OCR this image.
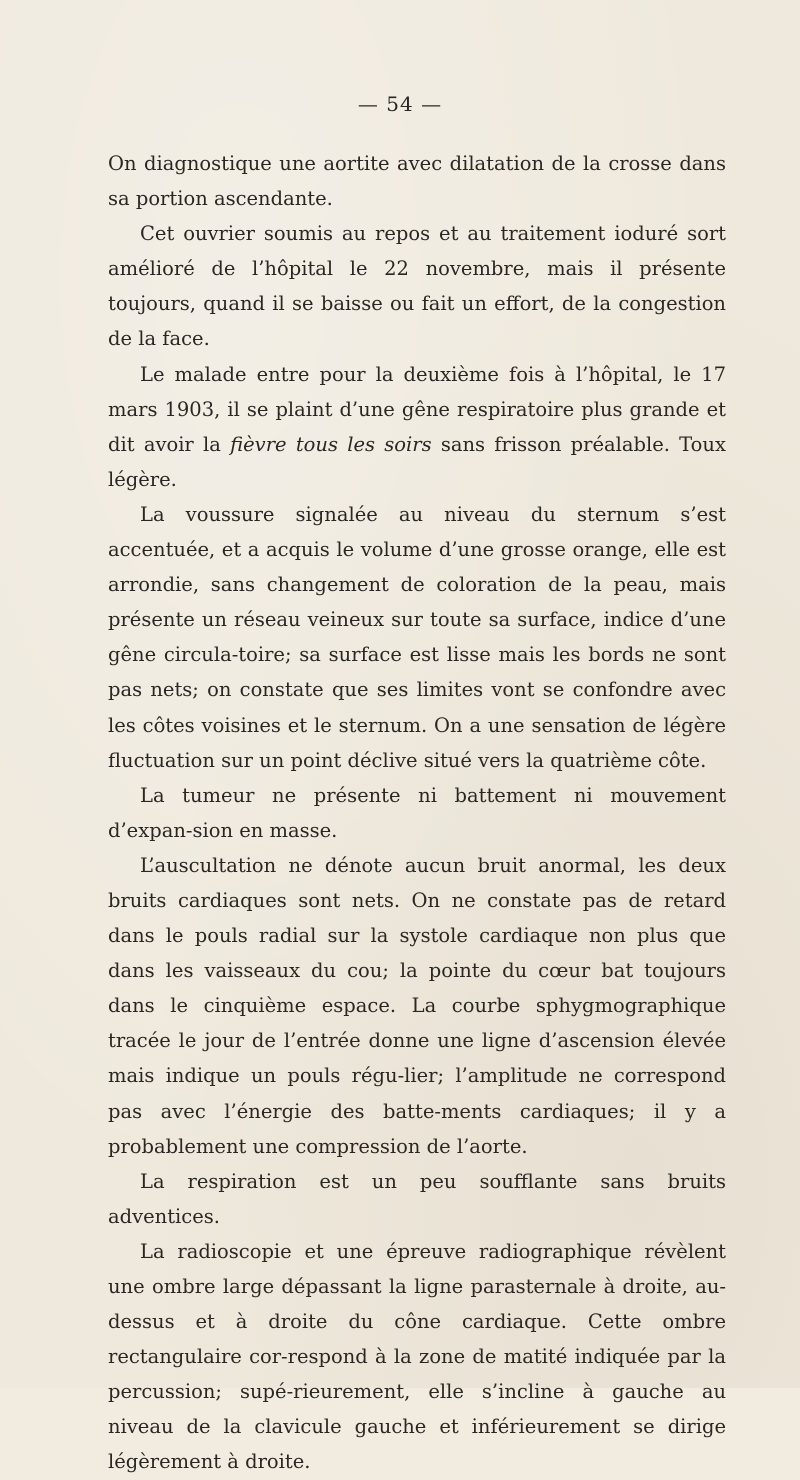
— 54 —

On diagnostique une aortite avec dilatation de la crosse dans sa portion ascendante.

Cet ouvrier soumis au repos et au traitement ioduré sort amélioré de l’hôpital le 22 novembre, mais il présente toujours, quand il se baisse ou fait un effort, de la congestion de la face.

Le malade entre pour la deuxième fois à l’hôpital, le 17 mars 1903, il se plaint d’une gêne respiratoire plus grande et dit avoir la fièvre tous les soirs sans frisson préalable. Toux légère.

La voussure signalée au niveau du sternum s’est accentuée, et a acquis le volume d’une grosse orange, elle est arrondie, sans changement de coloration de la peau, mais présente un réseau veineux sur toute sa surface, indice d’une gêne circula-toire; sa surface est lisse mais les bords ne sont pas nets; on constate que ses limites vont se confondre avec les côtes voisines et le sternum. On a une sensation de légère fluctuation sur un point déclive situé vers la quatrième côte.

La tumeur ne présente ni battement ni mouvement d’expan-sion en masse.

L’auscultation ne dénote aucun bruit anormal, les deux bruits cardiaques sont nets. On ne constate pas de retard dans le pouls radial sur la systole cardiaque non plus que dans les vaisseaux du cou; la pointe du cœur bat toujours dans le cinquième espace. La courbe sphygmographique tracée le jour de l’entrée donne une ligne d’ascension élevée mais indique un pouls régu-lier; l’amplitude ne correspond pas avec l’énergie des batte-ments cardiaques; il y a probablement une compression de l’aorte.

La respiration est un peu soufflante sans bruits adventices.

La radioscopie et une épreuve radiographique révèlent une ombre large dépassant la ligne parasternale à droite, au-dessus et à droite du cône cardiaque. Cette ombre rectangulaire cor-respond à la zone de matité indiquée par la percussion; supé-rieurement, elle s’incline à gauche au niveau de la clavicule gauche et inférieurement se dirige légèrement à droite.
